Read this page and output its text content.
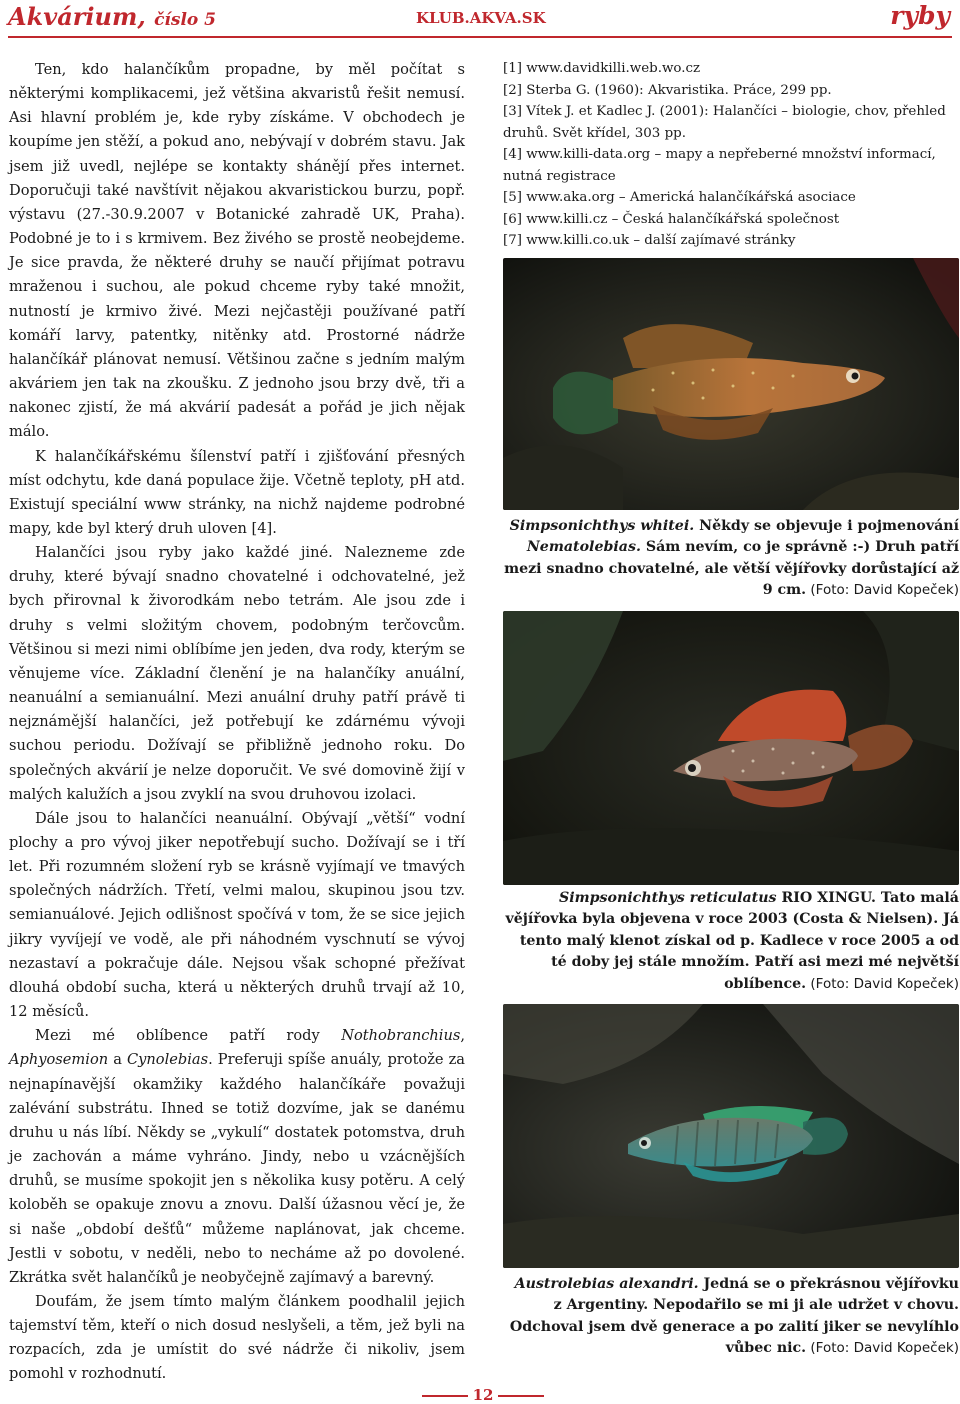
Akvárium, číslo 5	KLUB.AKVA.SK	ryby

Ten, kdo halančíkům propadne, by měl počítat s některými komplikacemi, jež většina akvaristů řešit nemusí. Asi hlavní problém je, kde ryby získáme. V obchodech je koupíme jen stěží, a pokud ano, nebývají v dobrém stavu. Jak jsem již uvedl, nejlépe se kontakty shánějí přes internet. Doporučuji také navštívit nějakou akvaristickou burzu, popř. výstavu (27.-30.9.2007 v Botanické zahradě UK, Praha). Podobné je to i s krmivem. Bez živého se prostě neobejdeme. Je sice pravda, že některé druhy se naučí přijímat potravu mraženou i suchou, ale pokud chceme ryby také množit, nutností je krmivo živé. Mezi nejčastěji používané patří komáří larvy, patentky, nitěnky atd. Prostorné nádrže halančíkář plánovat nemusí. Většinou začne s jedním malým akváriem jen tak na zkoušku. Z jednoho jsou brzy dvě, tři a nakonec zjistí, že má akvárií padesát a pořád je jich nějak málo.

K halančíkářskému šílenství patří i zjišťování přesných míst odchytu, kde daná populace žije. Včetně teploty, pH atd. Existují speciální www stránky, na nichž najdeme podrobné mapy, kde byl který druh uloven [4].

Halančíci jsou ryby jako každé jiné. Nalezneme zde druhy, které bývají snadno chovatelné i odchovatelné, jež bych přirovnal k živorodkám nebo tetrám. Ale jsou zde i druhy s velmi složitým chovem, podobným terčovcům. Většinou si mezi nimi oblíbíme jen jeden, dva rody, kterým se věnujeme více. Základní členění je na halančíky anuální, neanuální a semianuální. Mezi anuální druhy patří právě ti nejznámější halančíci, jež potřebují ke zdárnému vývoji suchou periodu. Dožívají se přibližně jednoho roku. Do společných akvárií je nelze doporučit. Ve své domovině žijí v malých kalužích a jsou zvyklí na svou druhovou izolaci.

Dále jsou to halančíci neanuální. Obývají „větší“ vodní plochy a pro vývoj jiker nepotřebují sucho. Dožívají se i tří let. Při rozumném složení ryb se krásně vyjímají ve tmavých společných nádržích. Třetí, velmi malou, skupinou jsou tzv. semianuálové. Jejich odlišnost spočívá v tom, že se sice jejich jikry vyvíjejí ve vodě, ale při náhodném vyschnutí se vývoj nezastaví a pokračuje dále. Nejsou však schopné přežívat dlouhá období sucha, která u některých druhů trvají až 10, 12 měsíců.

Mezi mé oblíbence patří rody Nothobranchius, Aphyosemion a Cynolebias. Preferuji spíše anuály, protože za nejnapínavější okamžiky každého halančíkáře považuji zalévání substrátu. Ihned se totiž dozvíme, jak se danému druhu u nás líbí. Někdy se „vykulí“ dostatek potomstva, druh je zachován a máme vyhráno. Jindy, nebo u vzácnějších druhů, se musíme spokojit jen s několika kusy potěru. A celý koloběh se opakuje znovu a znovu. Další úžasnou věcí je, že si naše „období dešťů“ můžeme naplánovat, jak chceme. Jestli v sobotu, v neděli, nebo to necháme až po dovolené. Zkrátka svět halančíků je neobyčejně zajímavý a barevný.

Doufám, že jsem tímto malým článkem poodhalil jejich tajemství těm, kteří o nich dosud neslyšeli, a těm, jež byli na rozpacích, zda je umístit do své nádrže či nikoliv, jsem pomohl v rozhodnutí.

[1] www.davidkilli.web.wo.cz
[2] Sterba G. (1960): Akvaristika. Práce, 299 pp.
[3] Vítek J. et Kadlec J. (2001): Halančíci – biologie, chov, přehled druhů. Svět křídel, 303 pp.
[4] www.killi-data.org – mapy a nepřeberné množství informací, nutná registrace
[5] www.aka.org – Americká halančíkářská asociace
[6] www.killi.cz – Česká halančíkářská společnost
[7] www.killi.co.uk – další zajímavé stránky
Simpsonichthys whitei. Někdy se objevuje i pojmenování Nematolebias. Sám nevím, co je správně :-) Druh patří mezi snadno chovatelné, ale větší vějířovky dorůstající až 9 cm. (Foto: David Kopeček)
Simpsonichthys reticulatus RIO XINGU. Tato malá vějířovka byla objevena v roce 2003 (Costa & Nielsen). Já tento malý klenot získal od p. Kadlece v roce 2005 a od té doby jej stále množím. Patří asi mezi mé největší oblíbence. (Foto: David Kopeček)
Austrolebias alexandri. Jedná se o překrásnou vějířovku z Argentiny. Nepodařilo se mi ji ale udržet v chovu. Odchoval jsem dvě generace a po zalití jiker se nevylíhlo vůbec nic. (Foto: David Kopeček)
12
